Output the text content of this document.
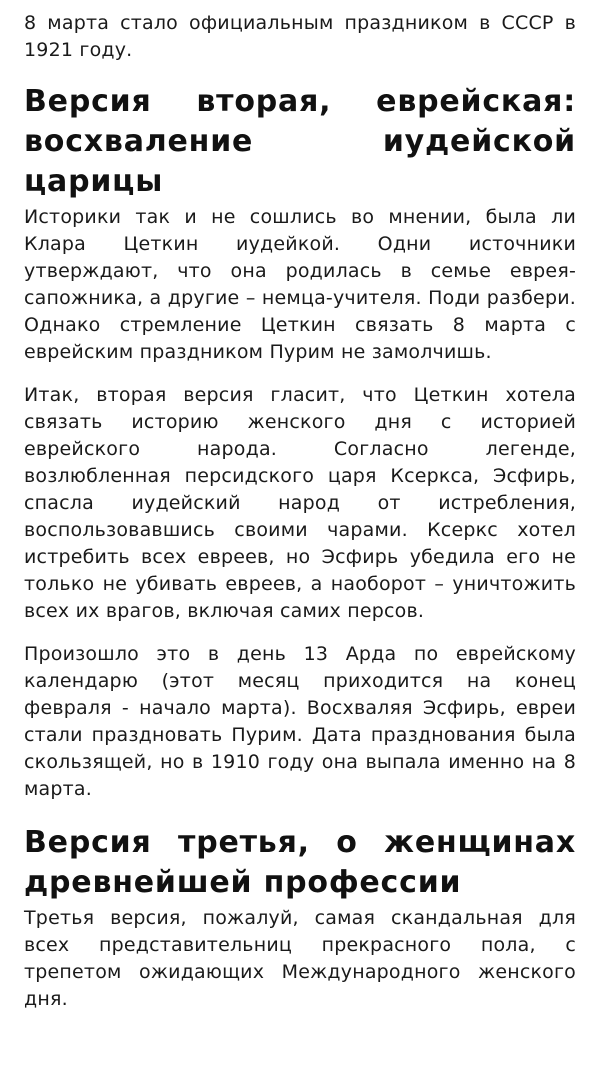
8 марта стало официальным праздником в СССР в 1921 году.

Версия вторая, еврейская: восхваление иудейской царицы

Историки так и не сошлись во мнении, была ли Клара Цеткин иудейкой. Одни источники утверждают, что она родилась в семье еврея-сапожника, а другие – немца-учителя. Поди разбери. Однако стремление Цеткин связать 8 марта с еврейским праздником Пурим не замолчишь.

Итак, вторая версия гласит, что Цеткин хотела связать историю женского дня с историей еврейского народа. Согласно легенде, возлюбленная персидского царя Ксеркса, Эсфирь, спасла иудейский народ от истребления, воспользовавшись своими чарами. Ксеркс хотел истребить всех евреев, но Эсфирь убедила его не только не убивать евреев, а наоборот – уничтожить всех их врагов, включая самих персов.

Произошло это в день 13 Арда по еврейскому календарю (этот месяц приходится на конец февраля - начало марта). Восхваляя Эсфирь, евреи стали праздновать Пурим. Дата празднования была скользящей, но в 1910 году она выпала именно на 8 марта.

Версия третья, о женщинах древнейшей профессии

Третья версия, пожалуй, самая скандальная для всех представительниц прекрасного пола, с трепетом ожидающих Международного женского дня.
